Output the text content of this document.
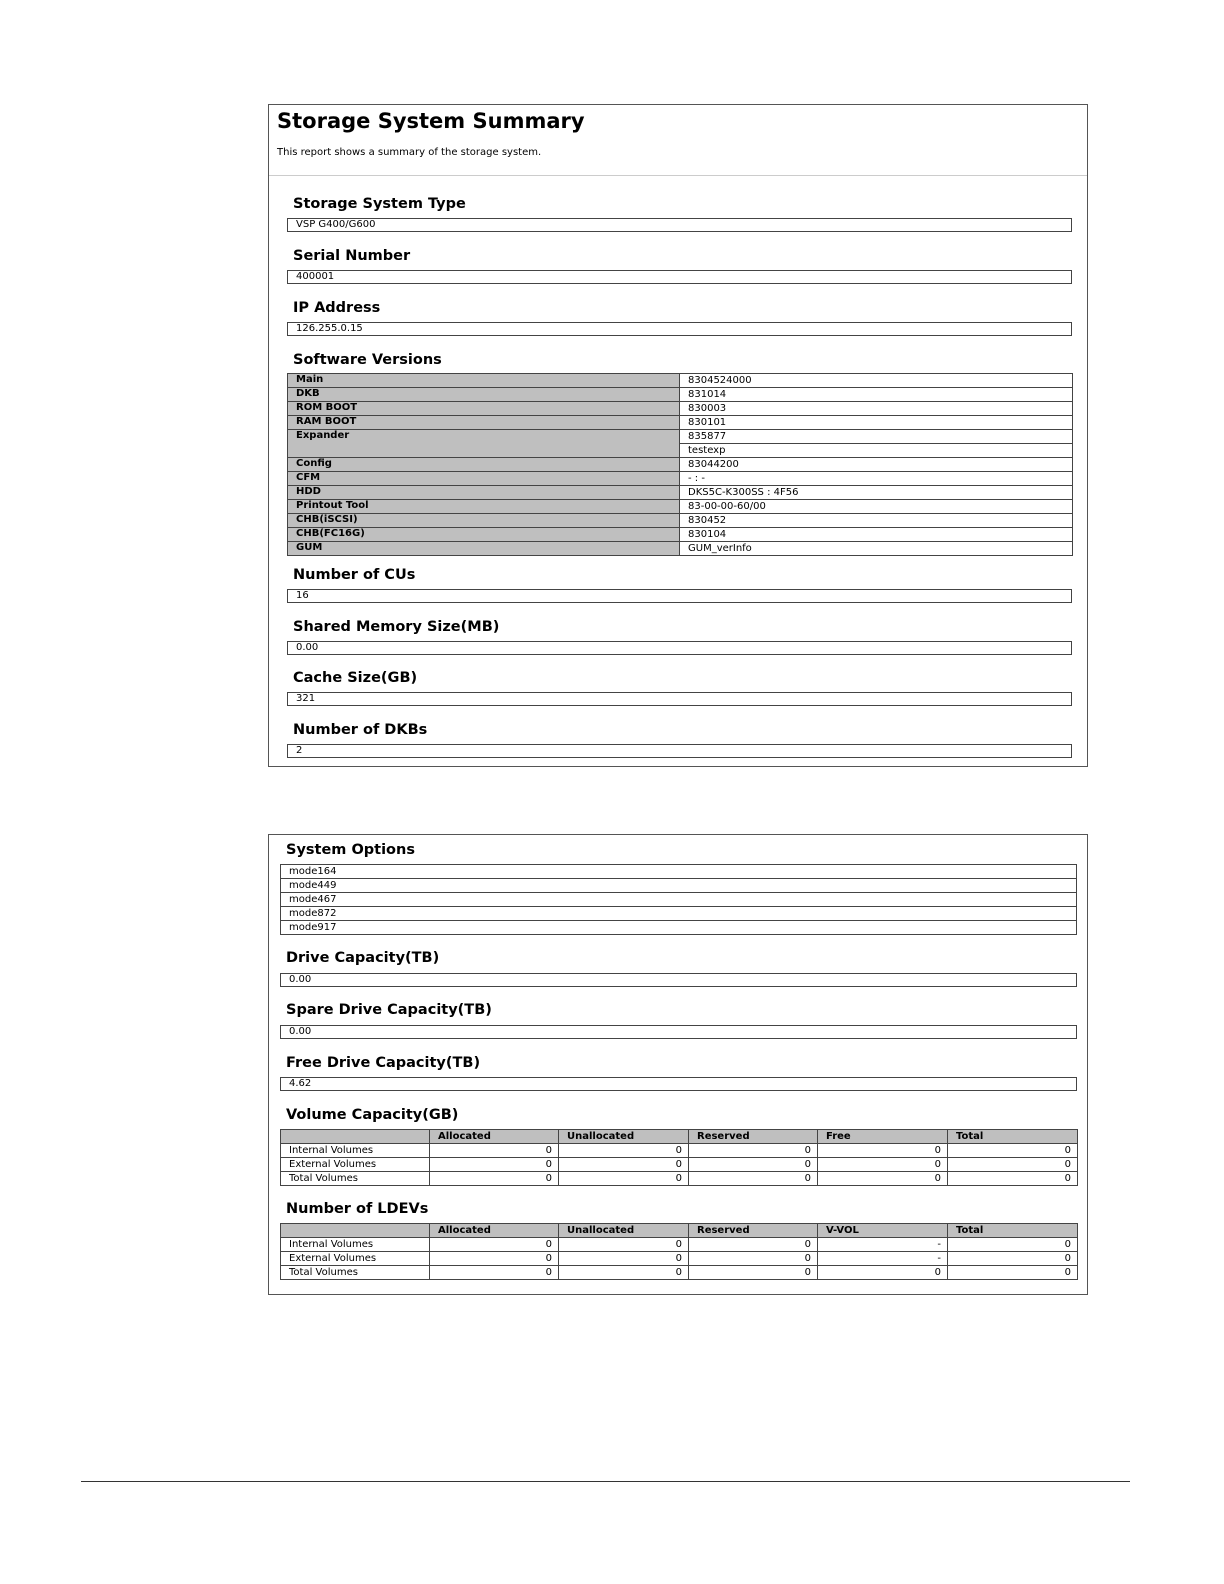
Storage System Summary
This report shows a summary of the storage system.
Storage System Type
VSP G400/G600
Serial Number
400001
IP Address
126.255.0.15
Software Versions
Main	8304524000
DKB	831014
ROM BOOT	830003
RAM BOOT	830101
Expander	835877
	testexp
Config	83044200
CFM	- : -
HDD	DKS5C-K300SS : 4F56
Printout Tool	83-00-00-60/00
CHB(iSCSI)	830452
CHB(FC16G)	830104
GUM	GUM_verInfo
Number of CUs
16
Shared Memory Size(MB)
0.00
Cache Size(GB)
321
Number of DKBs
2
System Options
mode164
mode449
mode467
mode872
mode917
Drive Capacity(TB)
0.00
Spare Drive Capacity(TB)
0.00
Free Drive Capacity(TB)
4.62
Volume Capacity(GB)
	Allocated	Unallocated	Reserved	Free	Total
Internal Volumes	0	0	0	0	0
External Volumes	0	0	0	0	0
Total Volumes	0	0	0	0	0
Number of LDEVs
	Allocated	Unallocated	Reserved	V-VOL	Total
Internal Volumes	0	0	0	-	0
External Volumes	0	0	0	-	0
Total Volumes	0	0	0	0	0
